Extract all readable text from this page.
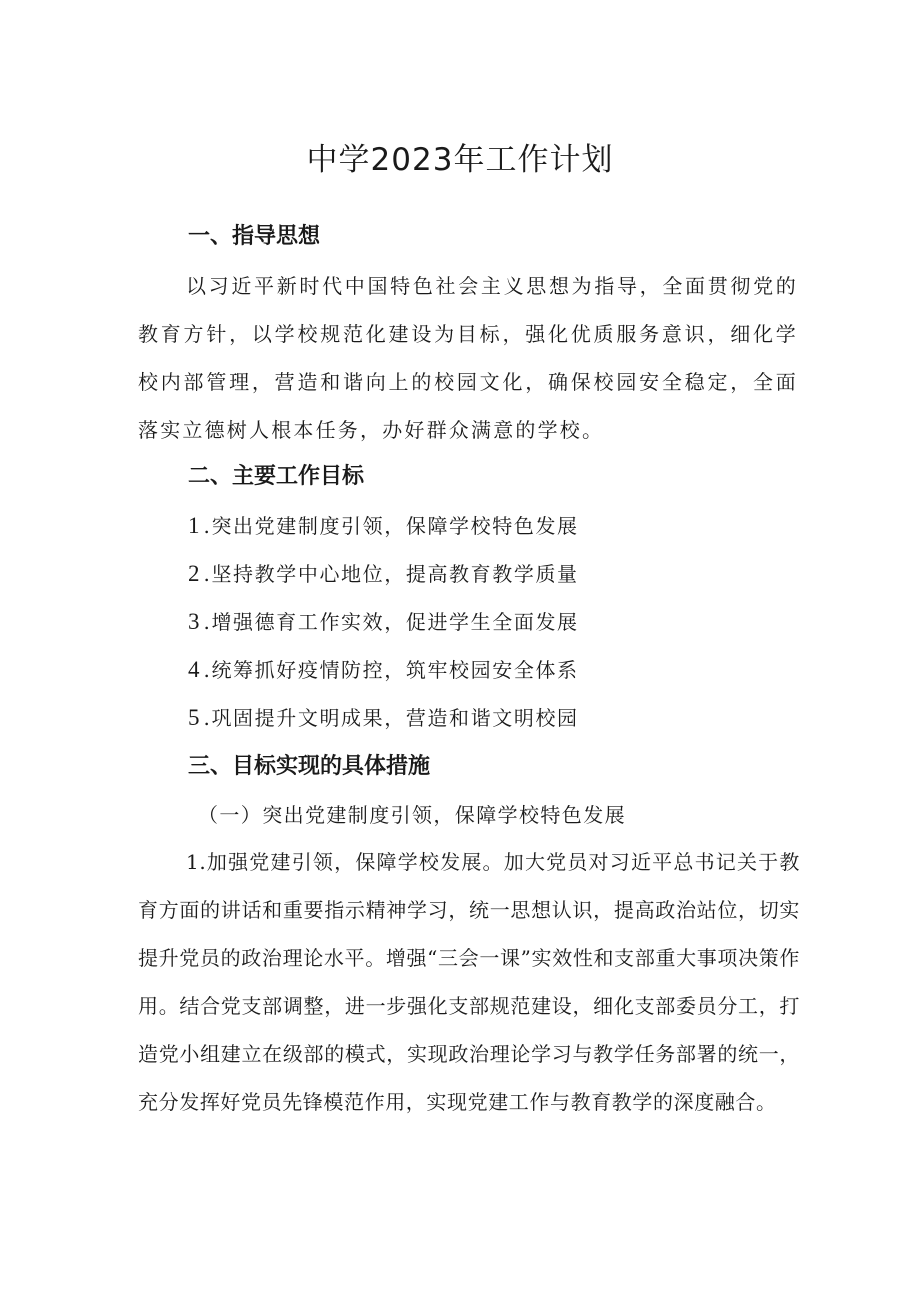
中学2023年工作计划
一、指导思想

以习近平新时代中国特色社会主义思想为指导，全面贯彻党的教育方针，以学校规范化建设为目标，强化优质服务意识，细化学校内部管理，营造和谐向上的校园文化，确保校园安全稳定，全面落实立德树人根本任务，办好群众满意的学校。

二、主要工作目标

1 .突出党建制度引领，保障学校特色发展

2 .坚持教学中心地位，提高教育教学质量

3 .增强德育工作实效，促进学生全面发展

4 .统筹抓好疫情防控，筑牢校园安全体系

5 .巩固提升文明成果，营造和谐文明校园

三、目标实现的具体措施

（一）突出党建制度引领，保障学校特色发展

1.加强党建引领，保障学校发展。加大党员对习近平总书记关于教育方面的讲话和重要指示精神学习，统一思想认识，提高政治站位，切实提升党员的政治理论水平。增强“三会一课”实效性和支部重大事项决策作用。结合党支部调整，进一步强化支部规范建设，细化支部委员分工，打造党小组建立在级部的模式，实现政治理论学习与教学任务部署的统一，充分发挥好党员先锋模范作用，实现党建工作与教育教学的深度融合。
